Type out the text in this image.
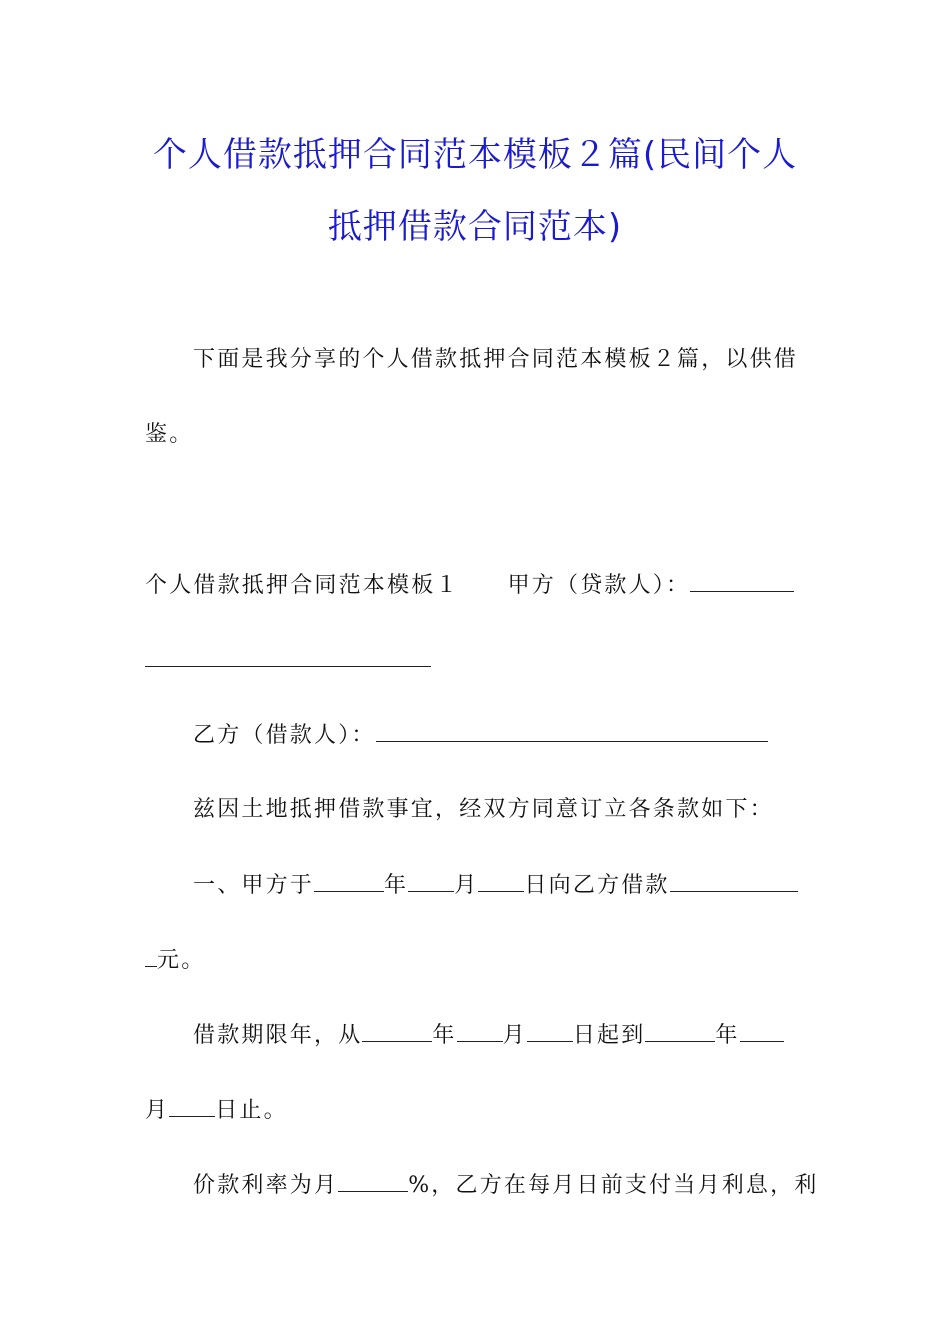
个人借款抵押合同范本模板２篇(民间个人
抵押借款合同范本)
下面是我分享的个人借款抵押合同范本模板２篇，以供借
鉴。
个人借款抵押合同范本模板１ 甲方（贷款人）：
乙方（借款人）：
兹因土地抵押借款事宜，经双方同意订立各条款如下：
一、甲方于	年 月 日向乙方借款
元。
借款期限年，从	年 月 日起到	年
月 日止。
价款利率为月	%，乙方在每月日前支付当月利息，利
